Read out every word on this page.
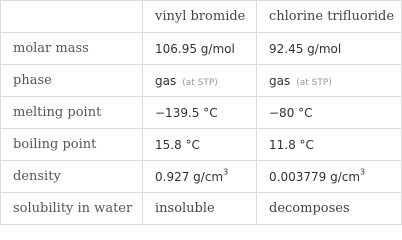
	vinyl bromide	chlorine trifluoride
molar mass	106.95 g/mol	92.45 g/mol
phase	gas (at STP)	gas (at STP)
melting point	−139.5 °C	−80 °C
boiling point	15.8 °C	11.8 °C
density	0.927 $g/cm^3$	0.003779 $g/cm^3$
solubility in water	insoluble	decomposes
